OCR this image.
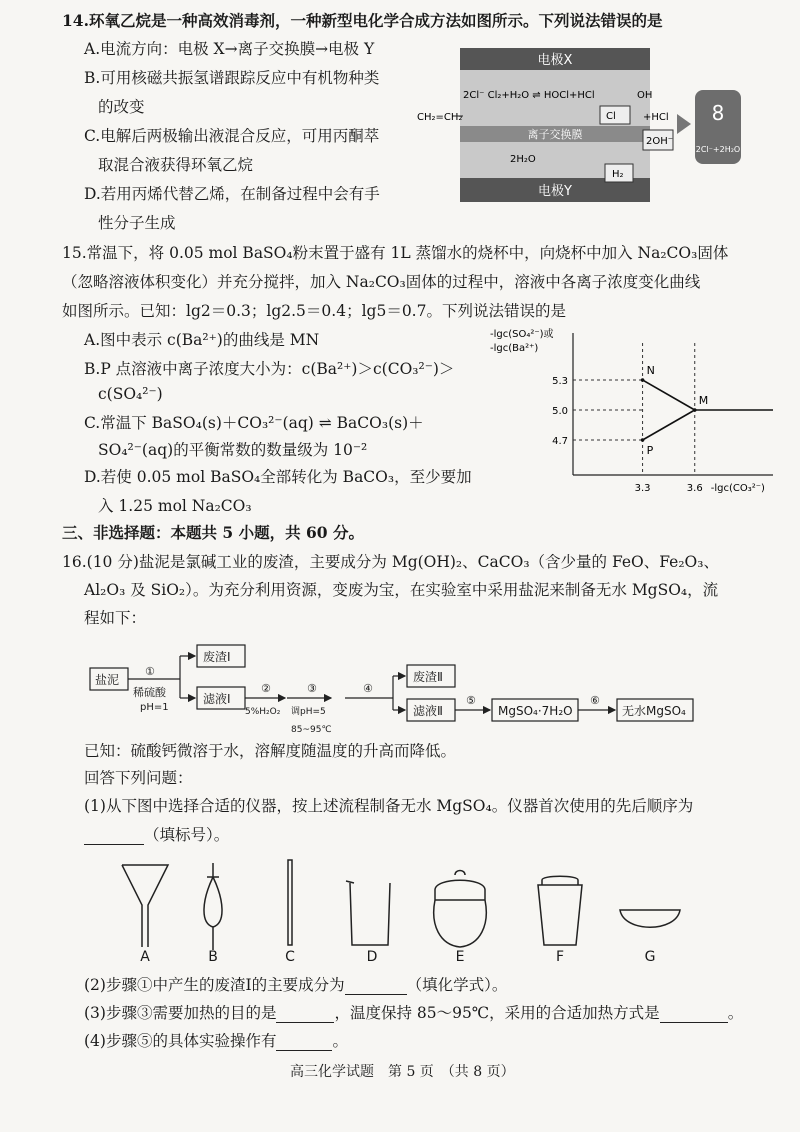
14.环氧乙烷是一种高效消毒剂，一种新型电化学合成方法如图所示。下列说法错误的是
A.电流方向：电极 X→离子交换膜→电极 Y
B.可用核磁共振氢谱跟踪反应中有机物种类
的改变
C.电解后两极输出液混合反应，可用丙酮萃
取混合液获得环氧乙烷
D.若用丙烯代替乙烯，在制备过程中会有手
性分子生成
电极X
2Cl⁻ Cl₂+H₂O ⇌ HOCl+HCl
CH₂=CH₂
离子交换膜
2H₂O
电极Y
Cl
OH
+HCl
2OH⁻
H₂
8
2Cl⁻+2H₂O
15.常温下，将 0.05 mol BaSO₄粉末置于盛有 1L 蒸馏水的烧杯中，向烧杯中加入 Na₂CO₃固体
（忽略溶液体积变化）并充分搅拌，加入 Na₂CO₃固体的过程中，溶液中各离子浓度变化曲线
如图所示。已知：lg2＝0.3；lg2.5＝0.4；lg5＝0.7。下列说法错误的是
A.图中表示 c(Ba²⁺)的曲线是 MN
B.P 点溶液中离子浓度大小为：c(Ba²⁺)＞c(CO₃²⁻)＞
c(SO₄²⁻)
C.常温下 BaSO₄(s)＋CO₃²⁻(aq) ⇌ BaCO₃(s)＋
SO₄²⁻(aq)的平衡常数的数量级为 10⁻²
D.若使 0.05 mol BaSO₄全部转化为 BaCO₃，至少要加
入 1.25 mol Na₂CO₃
-lgc(SO₄²⁻)或
-lgc(Ba²⁺)
4.7
5.0
5.3
3.3	3.6 -lgc(CO₃²⁻)
N
M
P
三、非选择题：本题共 5 小题，共 60 分。
16.(10 分)盐泥是氯碱工业的废渣，主要成分为 Mg(OH)₂、CaCO₃（含少量的 FeO、Fe₂O₃、
Al₂O₃ 及 SiO₂）。为充分利用资源，变废为宝，在实验室中采用盐泥来制备无水 MgSO₄，流
程如下：
盐泥
①
稀硫酸
pH=1
废渣Ⅰ
滤液Ⅰ
②
5%H₂O₂
③
调pH=5
85~95℃
④
废渣Ⅱ
滤液Ⅱ
⑤
MgSO₄·7H₂O
⑥
无水MgSO₄
已知：硫酸钙微溶于水，溶解度随温度的升高而降低。
回答下列问题：
(1)从下图中选择合适的仪器，按上述流程制备无水 MgSO₄。仪器首次使用的先后顺序为
（填标号）。
A	B	C	D	E	F	G
(2)步骤①中产生的废渣Ⅰ的主要成分为	（填化学式）。
(3)步骤③需要加热的目的是	，温度保持 85～95℃，采用的合适加热方式是	。
(4)步骤⑤的具体实验操作有	。
高三化学试题　第 5 页　（共 8 页）
